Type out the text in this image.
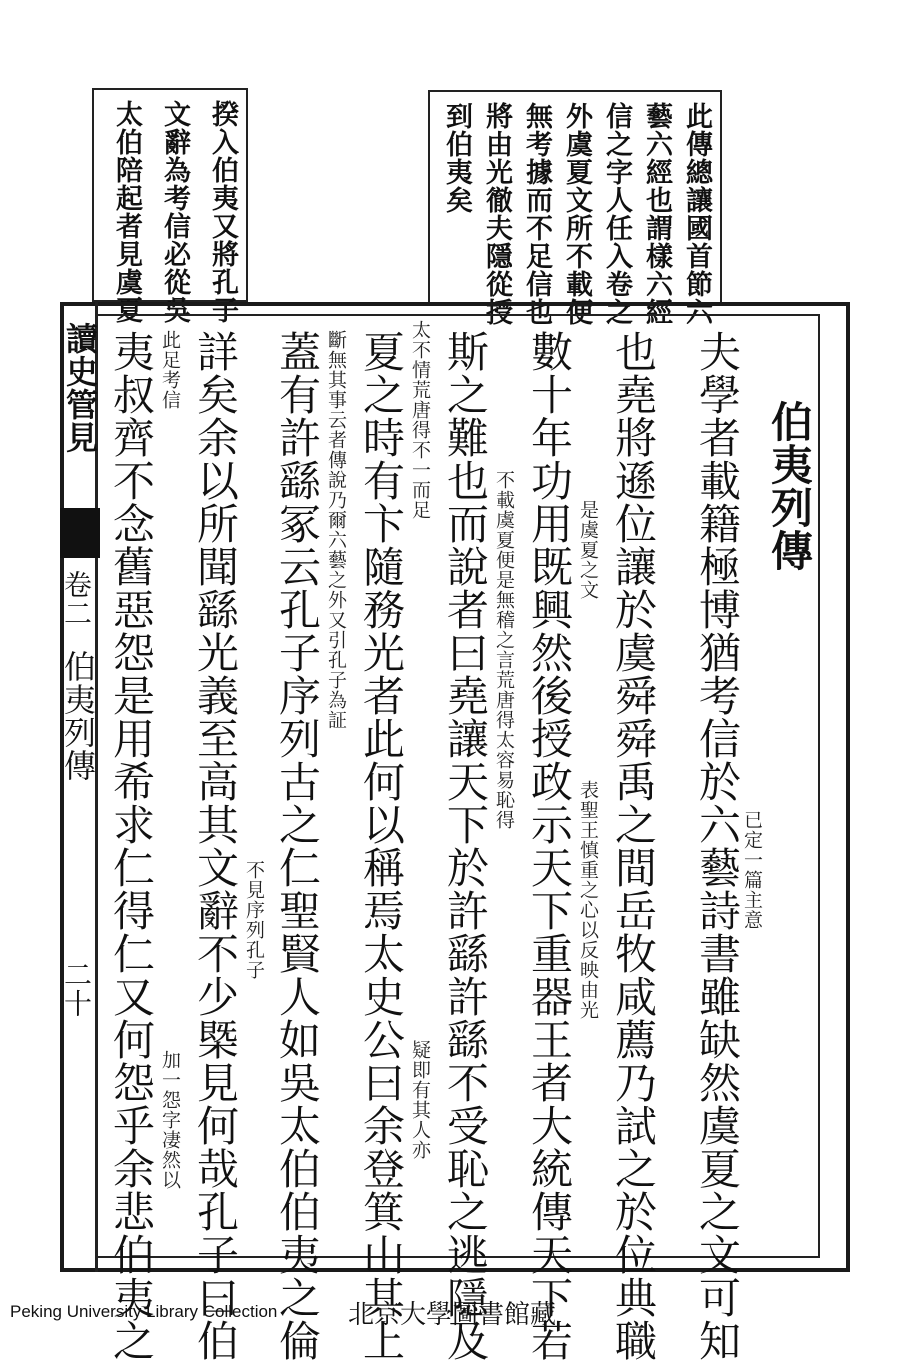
揆入伯夷又將孔子
文辭為考信必從吳
太伯陪起者見虞夏	此傳總讓國首節六
藝六經也謂樣六經
信之字人任入卷之
外虞夏文所不載便
無考據而不足信也
將由光徹夫隱從授
到伯夷矣
讀史管見
卷二
伯夷列傳
二十
伯夷列傳
夫學者載籍極博猶考信於六藝詩書雖缺然虞夏之文可知
也堯將遜位讓於虞舜舜禹之間岳牧咸薦乃試之於位典職
數十年功用既興然後授政示天下重器王者大統傳天下若
斯之難也而說者曰堯讓天下於許繇許繇不受恥之逃隱及
夏之時有卞隨務光者此何以稱焉太史公曰余登箕山其上
蓋有許繇冢云孔子序列古之仁聖賢人如吳太伯伯夷之倫
詳矣余以所聞繇光義至高其文辭不少槩見何哉孔子曰伯
夷叔齊不念舊惡怨是用希求仁得仁又何怨乎余悲伯夷之	已定一篇主意
是虞夏之文
表聖王慎重之心以反映由光
不載虞夏便是無稽之言荒唐得太容易恥得
疑即有其人亦
太不情荒唐得不一而足
斷無其事云者傳說乃爾六藝之外又引孔子為証
不見序列孔子
此足考信
加一怨字凄然以
Peking University Library Collection	北京大學圖書館藏
